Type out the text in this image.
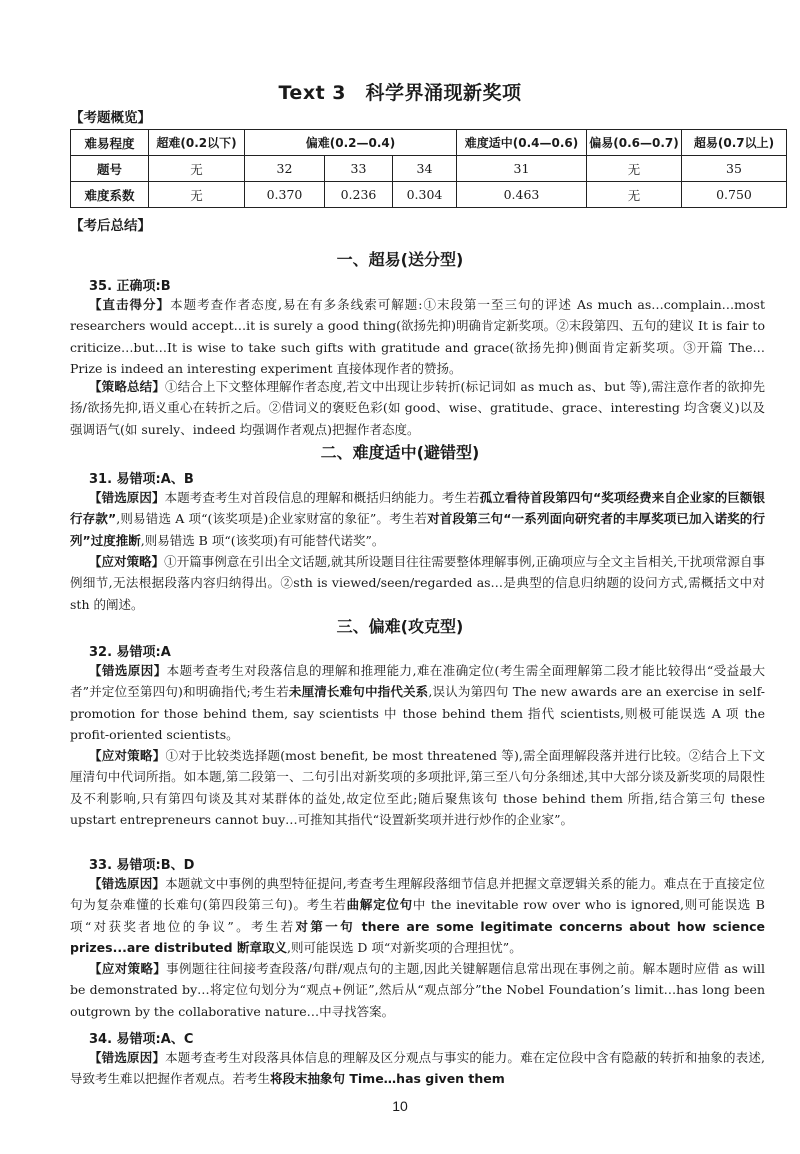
Text 3　科学界涌现新奖项
【考题概览】
难易程度	超难(0.2以下)	偏难(0.2—0.4)			难度适中(0.4—0.6)	偏易(0.6—0.7)	超易(0.7以上)
题号	无	32	33	34	31	无	35
难度系数	无	0.370	0.236	0.304	0.463	无	0.750
【考后总结】
一、超易(送分型)
35. 正确项:B
【直击得分】本题考查作者态度,易在有多条线索可解题:①末段第一至三句的评述 As much as…complain…most researchers would accept…it is surely a good thing(欲扬先抑)明确肯定新奖项。②末段第四、五句的建议 It is fair to criticize…but…It is wise to take such gifts with gratitude and grace(欲扬先抑)侧面肯定新奖项。③开篇 The…Prize is indeed an interesting experiment 直接体现作者的赞扬。
【策略总结】①结合上下文整体理解作者态度,若文中出现让步转折(标记词如 as much as、but 等),需注意作者的欲抑先扬/欲扬先抑,语义重心在转折之后。②借词义的褒贬色彩(如 good、wise、gratitude、grace、interesting 均含褒义)以及强调语气(如 surely、indeed 均强调作者观点)把握作者态度。
二、难度适中(避错型)
31. 易错项:A、B
【错选原因】本题考查考生对首段信息的理解和概括归纳能力。考生若孤立看待首段第四句“奖项经费来自企业家的巨额银行存款”,则易错选 A 项“(该奖项是)企业家财富的象征”。考生若对首段第三句“一系列面向研究者的丰厚奖项已加入诺奖的行列”过度推断,则易错选 B 项“(该奖项)有可能替代诺奖”。
【应对策略】①开篇事例意在引出全文话题,就其所设题目往往需要整体理解事例,正确项应与全文主旨相关,干扰项常源自事例细节,无法根据段落内容归纳得出。②sth is viewed/seen/regarded as…是典型的信息归纳题的设问方式,需概括文中对 sth 的阐述。
三、偏难(攻克型)
32. 易错项:A
【错选原因】本题考查考生对段落信息的理解和推理能力,难在准确定位(考生需全面理解第二段才能比较得出“受益最大者”并定位至第四句)和明确指代;考生若未厘清长难句中指代关系,误认为第四句 The new awards are an exercise in self-promotion for those behind them, say scientists 中 those behind them 指代 scientists,则极可能误选 A 项 the profit-oriented scientists。
【应对策略】①对于比较类选择题(most benefit, be most threatened 等),需全面理解段落并进行比较。②结合上下文厘清句中代词所指。如本题,第二段第一、二句引出对新奖项的多项批评,第三至八句分条细述,其中大部分谈及新奖项的局限性及不利影响,只有第四句谈及其对某群体的益处,故定位至此;随后聚焦该句 those behind them 所指,结合第三句 these upstart entrepreneurs cannot buy…可推知其指代“设置新奖项并进行炒作的企业家”。
33. 易错项:B、D
【错选原因】本题就文中事例的典型特征提问,考查考生理解段落细节信息并把握文章逻辑关系的能力。难点在于直接定位句为复杂难懂的长难句(第四段第三句)。考生若曲解定位句中 the inevitable row over who is ignored,则可能误选 B 项“对获奖者地位的争议”。考生若对第一句 there are some legitimate concerns about how science prizes...are distributed 断章取义,则可能误选 D 项“对新奖项的合理担忧”。
【应对策略】事例题往往间接考查段落/句群/观点句的主题,因此关键解题信息常出现在事例之前。解本题时应借 as will be demonstrated by…将定位句划分为“观点+例证”,然后从“观点部分”the Nobel Foundation’s limit…has long been outgrown by the collaborative nature…中寻找答案。
34. 易错项:A、C
【错选原因】本题考查考生对段落具体信息的理解及区分观点与事实的能力。难在定位段中含有隐蔽的转折和抽象的表述,导致考生难以把握作者观点。若考生将段末抽象句 Time…has given them
10
